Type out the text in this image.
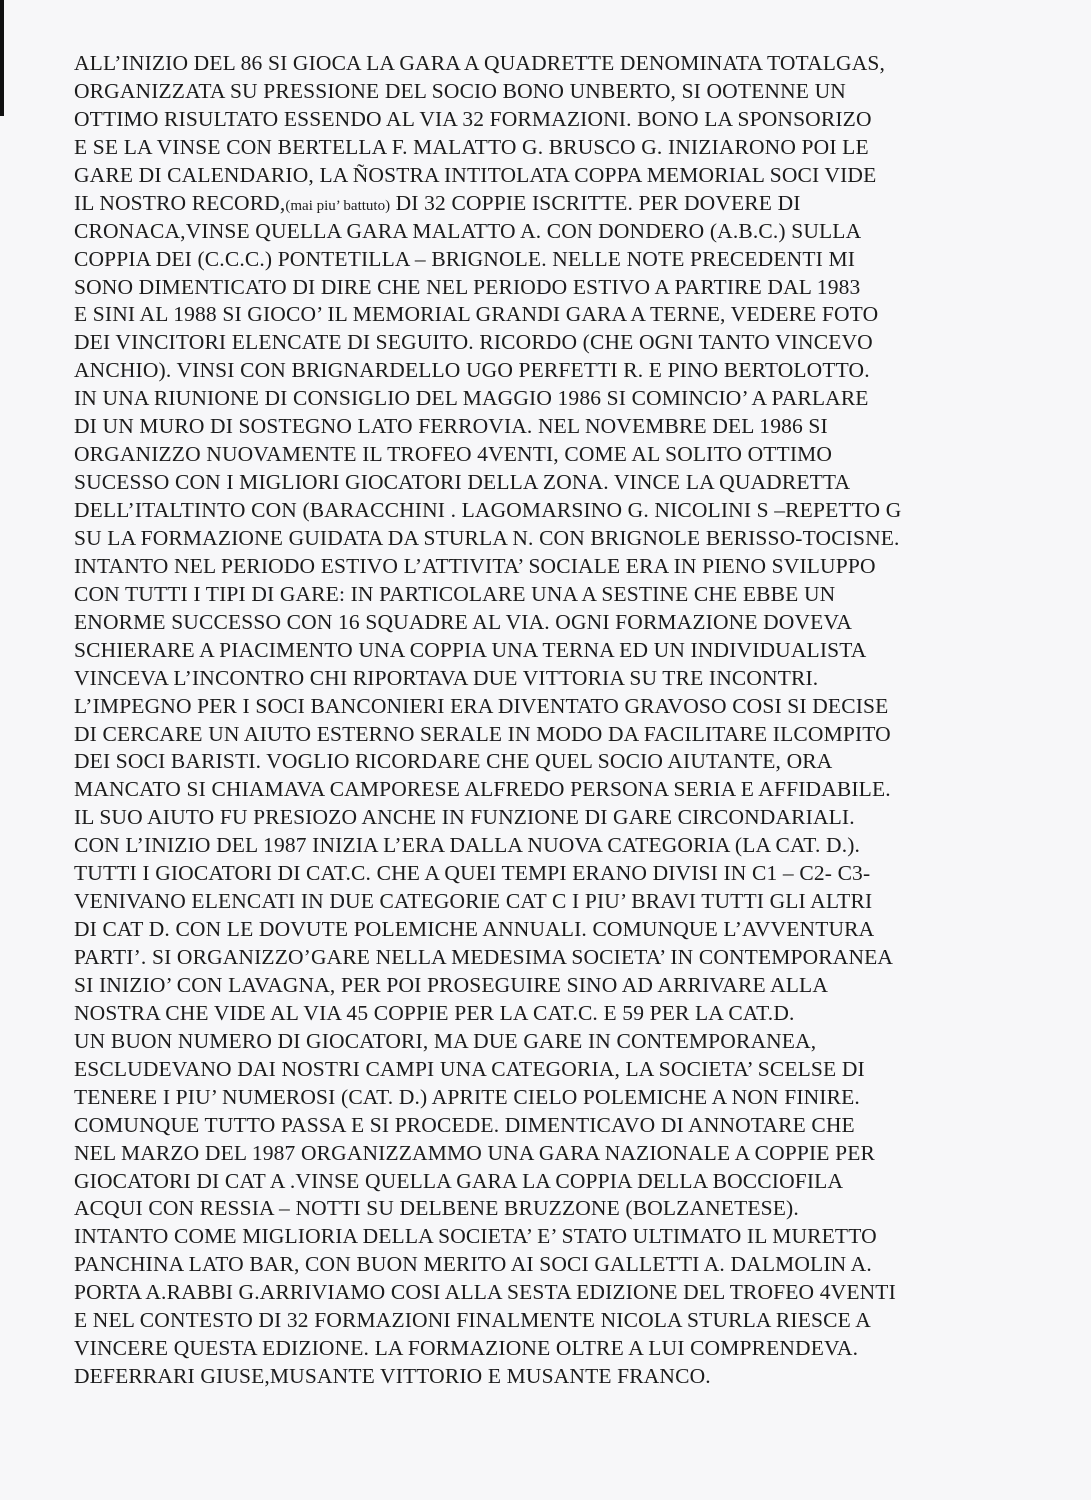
ALL’INIZIO DEL 86 SI GIOCA LA GARA A QUADRETTE DENOMINATA TOTALGAS,
ORGANIZZATA SU PRESSIONE DEL SOCIO BONO UNBERTO, SI OOTENNE UN
OTTIMO RISULTATO ESSENDO AL VIA 32 FORMAZIONI. BONO LA SPONSORIZO
E SE LA VINSE CON BERTELLA F. MALATTO G. BRUSCO G. INIZIARONO POI LE
GARE DI CALENDARIO, LA ÑOSTRA INTITOLATA COPPA MEMORIAL SOCI VIDE
IL NOSTRO RECORD,(mai piu’ battuto) DI 32 COPPIE ISCRITTE. PER DOVERE DI
CRONACA,VINSE QUELLA GARA MALATTO A. CON DONDERO (A.B.C.) SULLA
COPPIA DEI (C.C.C.) PONTETILLA – BRIGNOLE. NELLE NOTE PRECEDENTI MI
SONO DIMENTICATO DI DIRE CHE NEL PERIODO ESTIVO A PARTIRE DAL 1983
E SINI AL 1988 SI GIOCO’ IL MEMORIAL GRANDI GARA A TERNE, VEDERE FOTO
DEI VINCITORI ELENCATE DI SEGUITO. RICORDO (CHE OGNI TANTO VINCEVO
ANCHIO). VINSI CON BRIGNARDELLO UGO PERFETTI R. E PINO BERTOLOTTO.
IN UNA RIUNIONE DI CONSIGLIO DEL MAGGIO 1986 SI COMINCIO’ A PARLARE
DI UN MURO DI SOSTEGNO LATO FERROVIA. NEL NOVEMBRE DEL 1986 SI
ORGANIZZO NUOVAMENTE IL TROFEO 4VENTI, COME AL SOLITO OTTIMO
SUCESSO CON I MIGLIORI GIOCATORI DELLA ZONA. VINCE LA QUADRETTA
DELL’ITALTINTO CON (BARACCHINI . LAGOMARSINO G. NICOLINI S –REPETTO G
SU LA FORMAZIONE GUIDATA DA STURLA N. CON BRIGNOLE BERISSO-TOCISNE.
INTANTO NEL PERIODO ESTIVO L’ATTIVITA’ SOCIALE ERA IN PIENO SVILUPPO
CON TUTTI I TIPI DI GARE: IN PARTICOLARE UNA A SESTINE CHE EBBE UN
ENORME SUCCESSO CON 16 SQUADRE AL VIA. OGNI FORMAZIONE DOVEVA
SCHIERARE A PIACIMENTO UNA COPPIA UNA TERNA ED UN INDIVIDUALISTA
VINCEVA L’INCONTRO CHI RIPORTAVA DUE VITTORIA SU TRE INCONTRI.
L’IMPEGNO PER I SOCI BANCONIERI ERA DIVENTATO GRAVOSO COSI SI DECISE
DI CERCARE UN AIUTO ESTERNO SERALE IN MODO DA FACILITARE ILCOMPITO
DEI SOCI BARISTI. VOGLIO RICORDARE CHE QUEL SOCIO AIUTANTE, ORA
MANCATO SI CHIAMAVA CAMPORESE ALFREDO PERSONA SERIA E AFFIDABILE.
IL SUO AIUTO FU PRESIOZO ANCHE IN FUNZIONE DI GARE CIRCONDARIALI.
CON L’INIZIO DEL 1987 INIZIA L’ERA DALLA NUOVA CATEGORIA (LA CAT. D.).
TUTTI I GIOCATORI DI CAT.C. CHE A QUEI TEMPI ERANO DIVISI IN C1 – C2- C3-
VENIVANO ELENCATI IN DUE CATEGORIE CAT C I PIU’ BRAVI TUTTI GLI ALTRI
DI CAT D. CON LE DOVUTE POLEMICHE ANNUALI. COMUNQUE L’AVVENTURA
PARTI’. SI ORGANIZZO’GARE NELLA MEDESIMA SOCIETA’ IN CONTEMPORANEA
SI INIZIO’ CON LAVAGNA, PER POI PROSEGUIRE SINO AD ARRIVARE ALLA
NOSTRA CHE VIDE AL VIA 45 COPPIE PER LA CAT.C. E 59 PER LA CAT.D.
UN BUON NUMERO DI GIOCATORI, MA DUE GARE IN CONTEMPORANEA,
ESCLUDEVANO DAI NOSTRI CAMPI UNA CATEGORIA, LA SOCIETA’ SCELSE DI
TENERE I PIU’ NUMEROSI (CAT. D.) APRITE CIELO POLEMICHE A NON FINIRE.
COMUNQUE TUTTO PASSA E SI PROCEDE. DIMENTICAVO DI ANNOTARE CHE
NEL MARZO DEL 1987 ORGANIZZAMMO UNA GARA NAZIONALE A COPPIE PER
GIOCATORI DI CAT A .VINSE QUELLA GARA LA COPPIA DELLA BOCCIOFILA
ACQUI CON RESSIA – NOTTI SU DELBENE BRUZZONE (BOLZANETESE).
INTANTO COME MIGLIORIA DELLA SOCIETA’ E’ STATO ULTIMATO IL MURETTO
PANCHINA LATO BAR, CON BUON MERITO AI SOCI GALLETTI A. DALMOLIN A.
PORTA A.RABBI G.ARRIVIAMO COSI ALLA SESTA EDIZIONE DEL TROFEO 4VENTI
E NEL CONTESTO DI 32 FORMAZIONI FINALMENTE NICOLA STURLA RIESCE A
VINCERE QUESTA EDIZIONE. LA FORMAZIONE OLTRE A LUI COMPRENDEVA.
DEFERRARI GIUSE,MUSANTE VITTORIO E MUSANTE FRANCO.
